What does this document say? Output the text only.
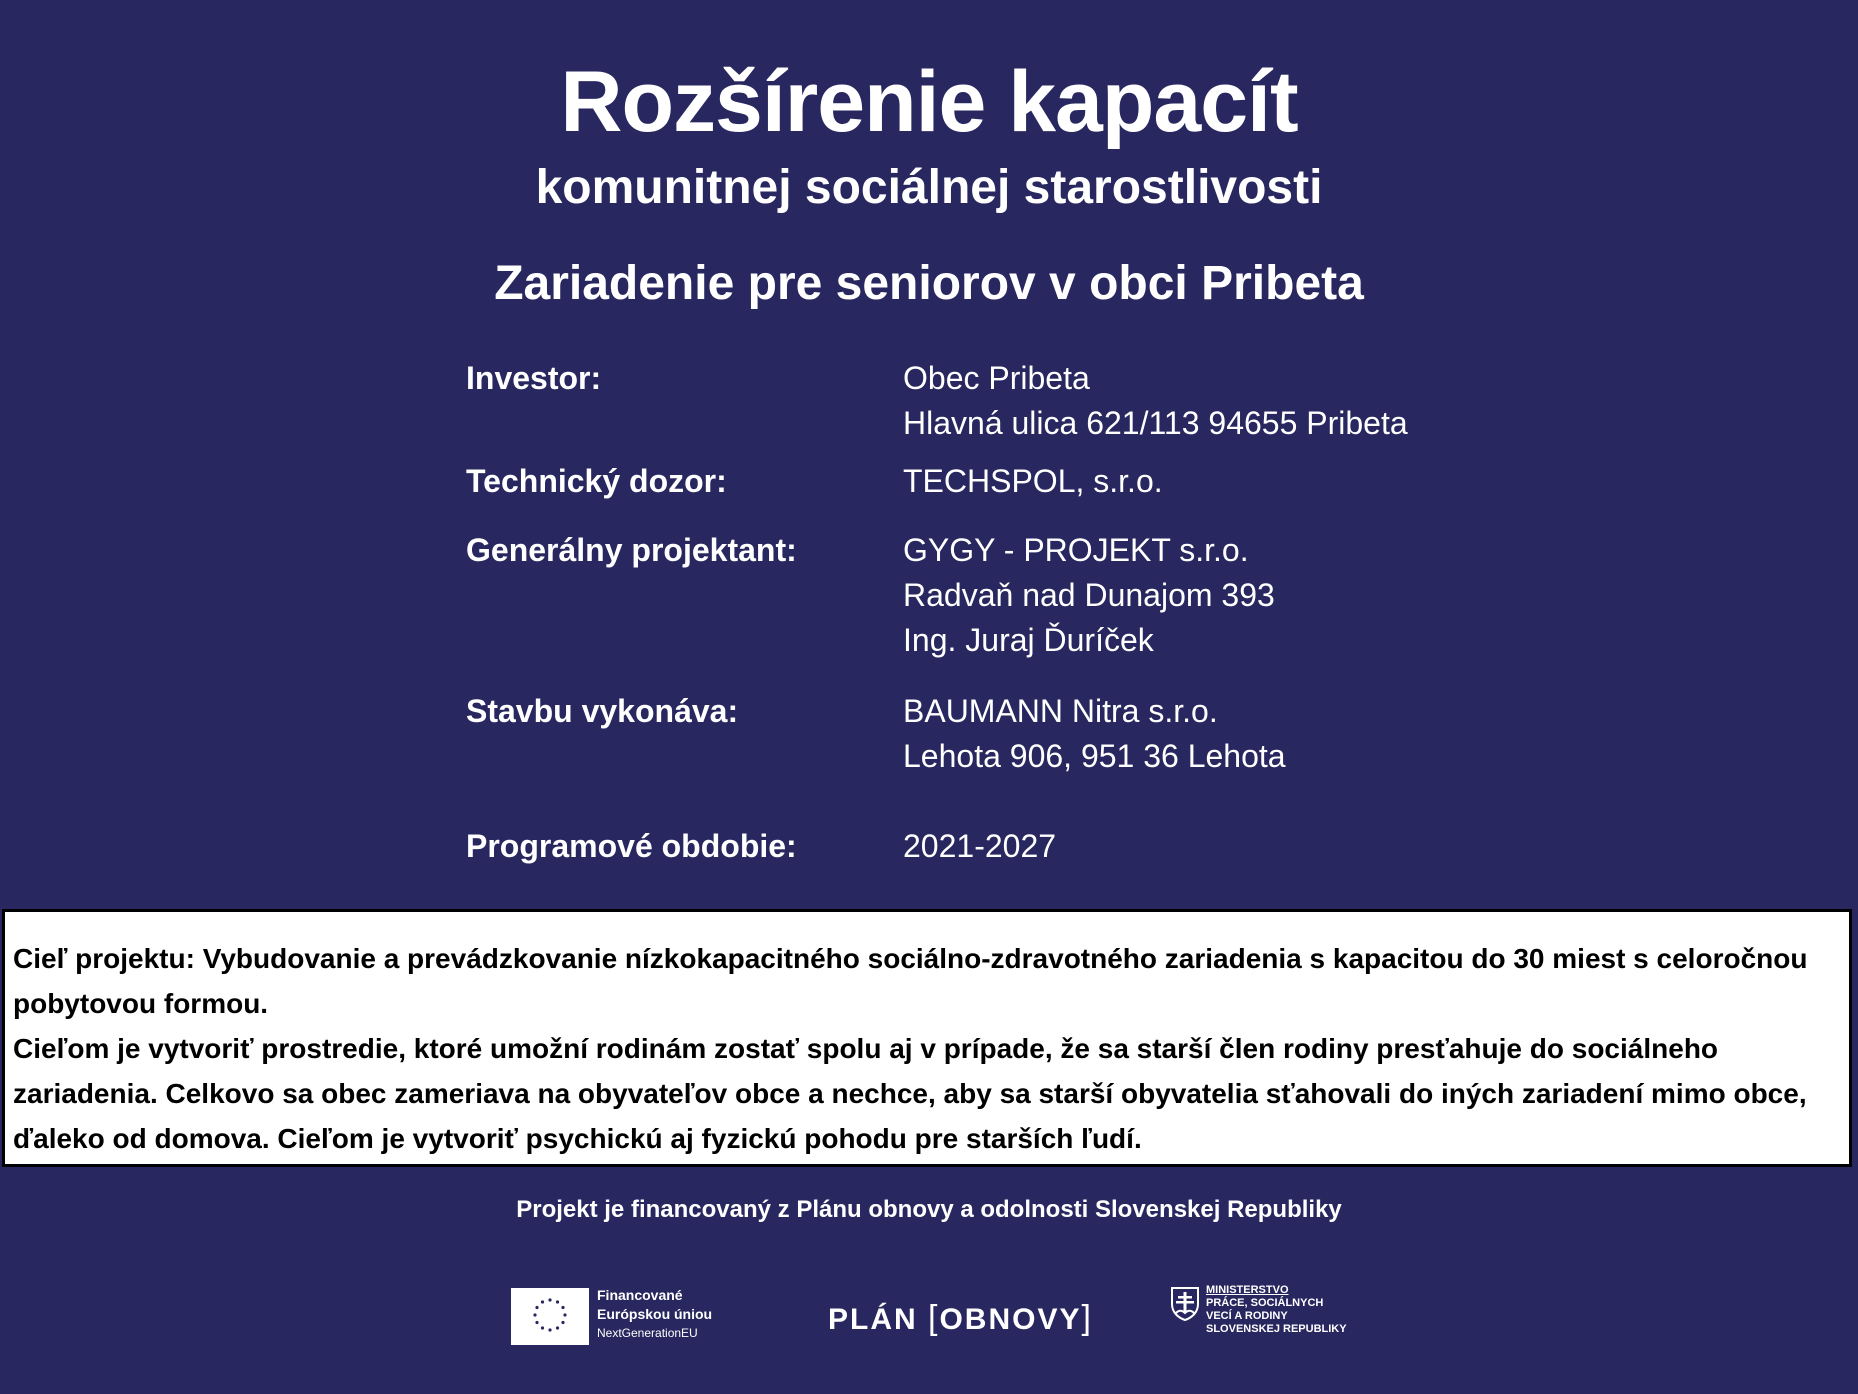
Rozšírenie kapacít
komunitnej sociálnej starostlivosti
Zariadenie pre seniorov v obci Pribeta
Investor:	Obec Pribeta
Hlavná ulica 621/113 94655 Pribeta
Technický dozor:	TECHSPOL, s.r.o.
Generálny projektant:	GYGY - PROJEKT s.r.o.
Radvaň nad Dunajom 393
Ing. Juraj Ďuríček
Stavbu vykonáva:	BAUMANN Nitra s.r.o.
Lehota 906, 951 36 Lehota
Programové obdobie:	2021-2027

Cieľ projektu: Vybudovanie a prevádzkovanie nízkokapacitného sociálno-zdravotného zariadenia s kapacitou do 30 miest s celoročnou pobytovou formou.

Cieľom je vytvoriť prostredie, ktoré umožní rodinám zostať spolu aj v prípade, že sa starší člen rodiny presťahuje do sociálneho zariadenia. Celkovo sa obec zameriava na obyvateľov obce a nechce, aby sa starší obyvatelia sťahovali do iných zariadení mimo obce, ďaleko od domova. Cieľom je vytvoriť psychickú aj fyzickú pohodu pre starších ľudí.

Projekt je financovaný z Plánu obnovy a odolnosti Slovenskej Republiky
Financované
Európskou úniou
NextGenerationEU	PLÁN [OBNOVY]
MINISTERSTVO
PRÁCE, SOCIÁLNYCH
VECÍ A RODINY
SLOVENSKEJ REPUBLIKY
